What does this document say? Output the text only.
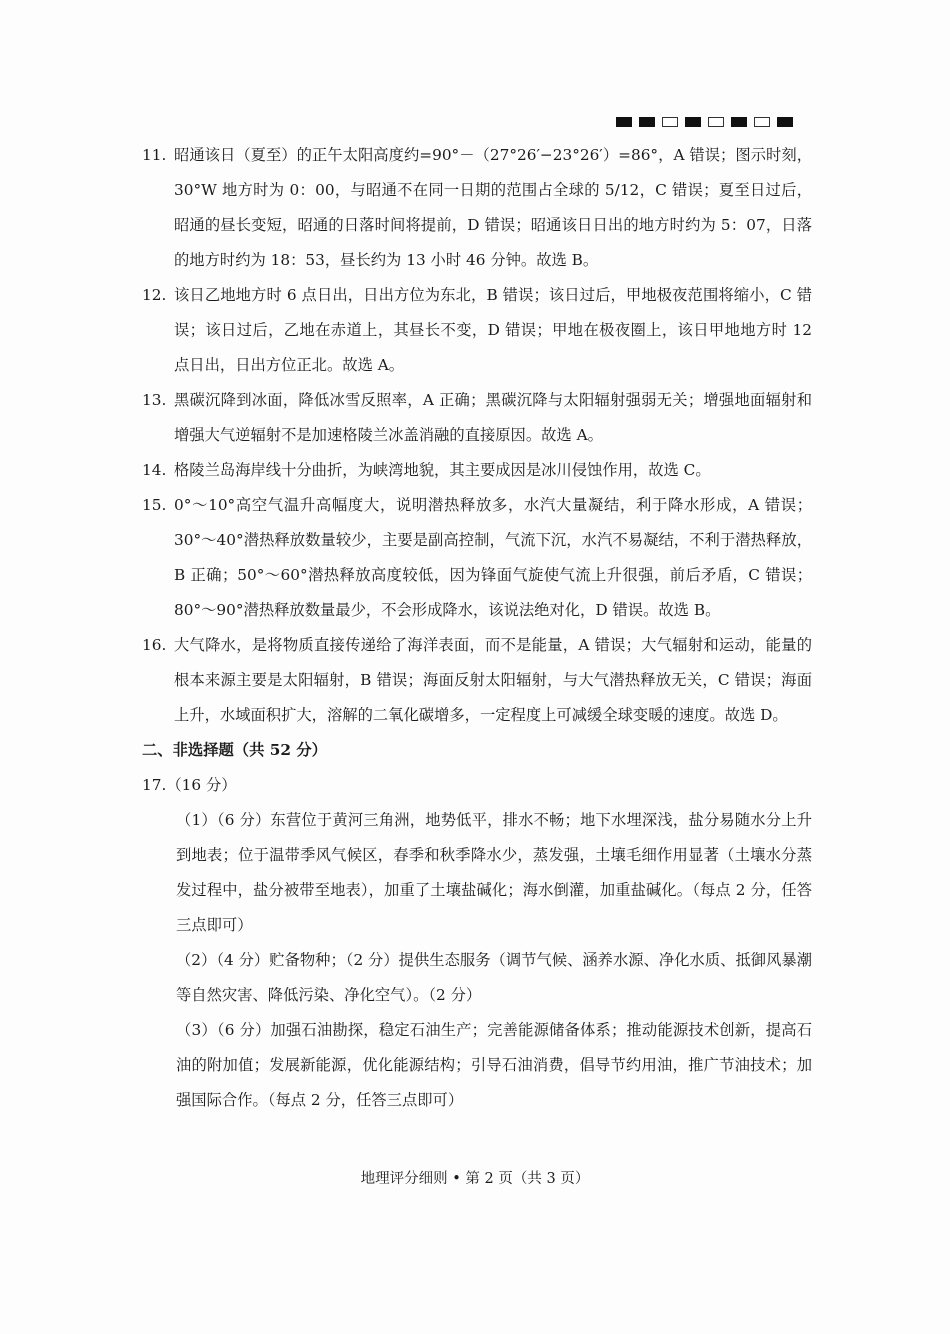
11. 昭通该日（夏至）的正午太阳高度约=90°－（27°26′−23°26′）=86°，A 错误；图示时刻，30°W 地方时为 0：00，与昭通不在同一日期的范围占全球的 5/12，C 错误；夏至日过后，昭通的昼长变短，昭通的日落时间将提前，D 错误；昭通该日日出的地方时约为 5：07，日落的地方时约为 18：53，昼长约为 13 小时 46 分钟。故选 B。
12. 该日乙地地方时 6 点日出，日出方位为东北，B 错误；该日过后，甲地极夜范围将缩小，C 错误；该日过后，乙地在赤道上，其昼长不变，D 错误；甲地在极夜圈上，该日甲地地方时 12 点日出，日出方位正北。故选 A。
13. 黑碳沉降到冰面，降低冰雪反照率，A 正确；黑碳沉降与太阳辐射强弱无关；增强地面辐射和增强大气逆辐射不是加速格陵兰冰盖消融的直接原因。故选 A。
14. 格陵兰岛海岸线十分曲折，为峡湾地貌，其主要成因是冰川侵蚀作用，故选 C。
15. 0°～10°高空气温升高幅度大，说明潜热释放多，水汽大量凝结，利于降水形成，A 错误；30°～40°潜热释放数量较少，主要是副高控制，气流下沉，水汽不易凝结，不利于潜热释放，B 正确；50°～60°潜热释放高度较低，因为锋面气旋使气流上升很强，前后矛盾，C 错误；80°～90°潜热释放数量最少，不会形成降水，该说法绝对化，D 错误。故选 B。
16. 大气降水，是将物质直接传递给了海洋表面，而不是能量，A 错误；大气辐射和运动，能量的根本来源主要是太阳辐射，B 错误；海面反射太阳辐射，与大气潜热释放无关，C 错误；海面上升，水域面积扩大，溶解的二氧化碳增多，一定程度上可减缓全球变暖的速度。故选 D。
二、非选择题（共 52 分）
17.（16 分）
（1）（6 分）东营位于黄河三角洲，地势低平，排水不畅；地下水埋深浅，盐分易随水分上升到地表；位于温带季风气候区，春季和秋季降水少，蒸发强，土壤毛细作用显著（土壤水分蒸发过程中，盐分被带至地表），加重了土壤盐碱化；海水倒灌，加重盐碱化。（每点 2 分，任答三点即可）
（2）（4 分）贮备物种；（2 分）提供生态服务（调节气候、涵养水源、净化水质、抵御风暴潮等自然灾害、降低污染、净化空气）。（2 分）
（3）（6 分）加强石油勘探，稳定石油生产；完善能源储备体系；推动能源技术创新，提高石油的附加值；发展新能源，优化能源结构；引导石油消费，倡导节约用油，推广节油技术；加强国际合作。（每点 2 分，任答三点即可）
地理评分细则 • 第 2 页（共 3 页）
